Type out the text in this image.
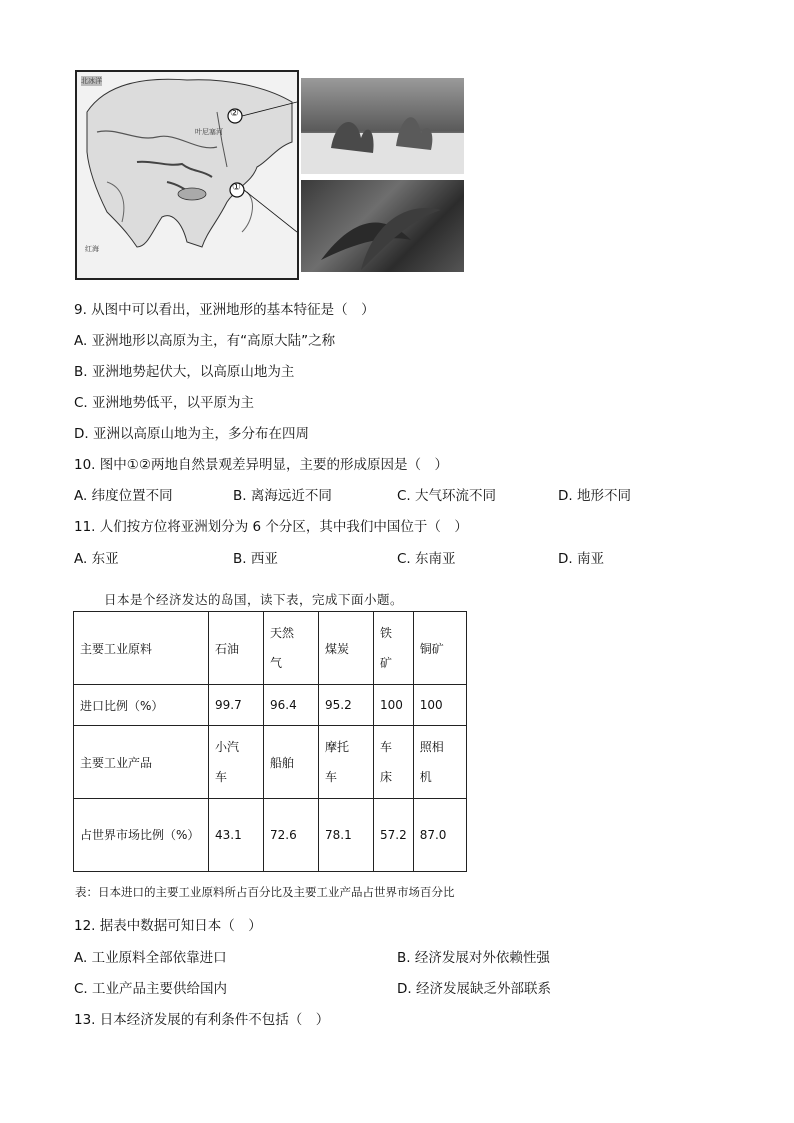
②
①
叶尼塞河
北冰洋
红海
9. 从图中可以看出，亚洲地形的基本特征是（　）
A. 亚洲地形以高原为主，有“高原大陆”之称
B. 亚洲地势起伏大，以高原山地为主
C. 亚洲地势低平，以平原为主
D. 亚洲以高原山地为主，多分布在四周
10. 图中①②两地自然景观差异明显，主要的形成原因是（　）
A. 纬度位置不同	B. 离海远近不同	C. 大气环流不同	D. 地形不同
11. 人们按方位将亚洲划分为 6 个分区，其中我们中国位于（　）
A. 东亚	B. 西亚	C. 东南亚	D. 南亚
日本是个经济发达的岛国，读下表，完成下面小题。
主要工业原料	石油	天然气	煤炭	铁矿	铜矿
进口比例（%）	99.7	96.4	95.2	100	100
主要工业产品	小汽车	船舶	摩托车	车床	照相机

占世界市场比例（%）	43.1	72.6	78.1	57.2	87.0
表：日本进口的主要工业原料所占百分比及主要工业产品占世界市场百分比
12. 据表中数据可知日本（　）
A. 工业原料全部依靠进口	B. 经济发展对外依赖性强
C. 工业产品主要供给国内	D. 经济发展缺乏外部联系
13. 日本经济发展的有利条件不包括（　）
